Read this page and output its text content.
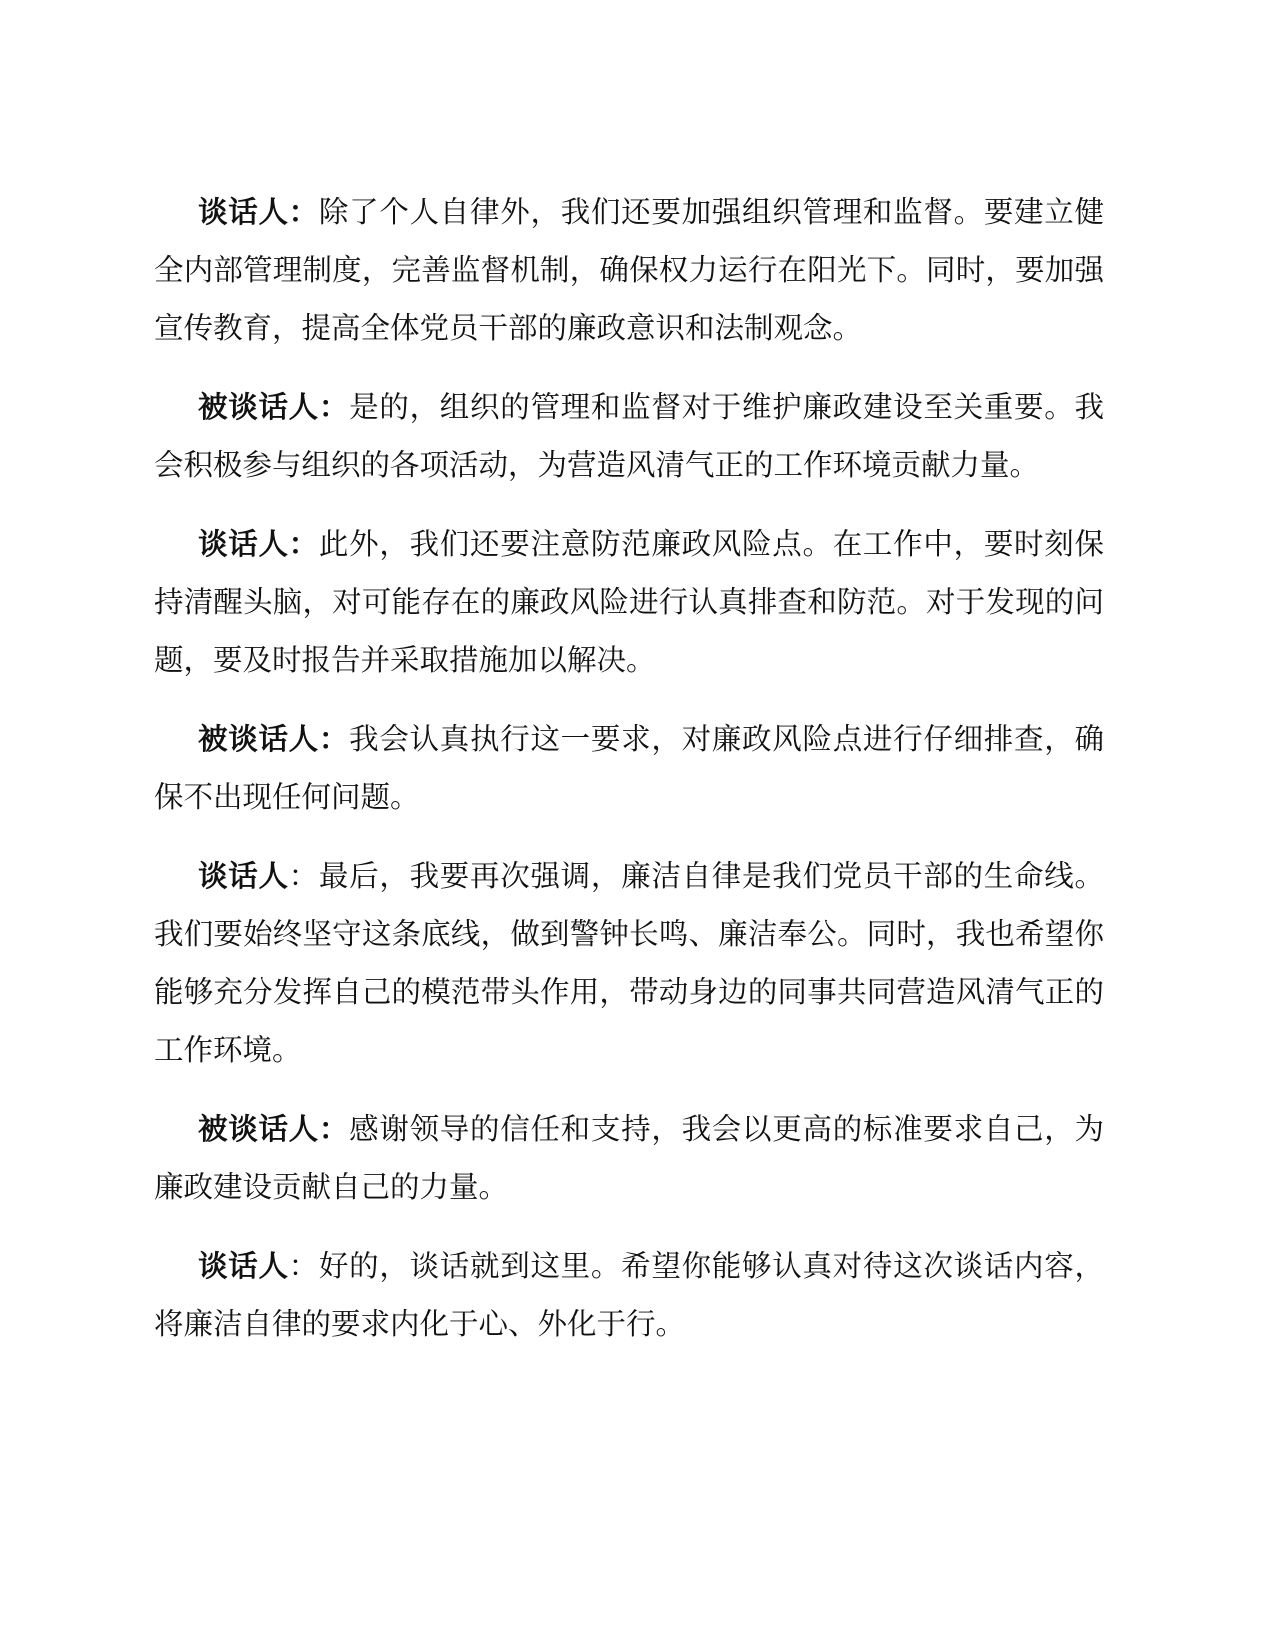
谈话人：除了个人自律外，我们还要加强组织管理和监督。要建立健全内部管理制度，完善监督机制，确保权力运行在阳光下。同时，要加强宣传教育，提高全体党员干部的廉政意识和法制观念。

被谈话人：是的，组织的管理和监督对于维护廉政建设至关重要。我会积极参与组织的各项活动，为营造风清气正的工作环境贡献力量。

谈话人：此外，我们还要注意防范廉政风险点。在工作中，要时刻保持清醒头脑，对可能存在的廉政风险进行认真排查和防范。对于发现的问题，要及时报告并采取措施加以解决。

被谈话人：我会认真执行这一要求，对廉政风险点进行仔细排查，确保不出现任何问题。

谈话人：最后，我要再次强调，廉洁自律是我们党员干部的生命线。我们要始终坚守这条底线，做到警钟长鸣、廉洁奉公。同时，我也希望你能够充分发挥自己的模范带头作用，带动身边的同事共同营造风清气正的工作环境。

被谈话人：感谢领导的信任和支持，我会以更高的标准要求自己，为廉政建设贡献自己的力量。

谈话人：好的，谈话就到这里。希望你能够认真对待这次谈话内容，将廉洁自律的要求内化于心、外化于行。
